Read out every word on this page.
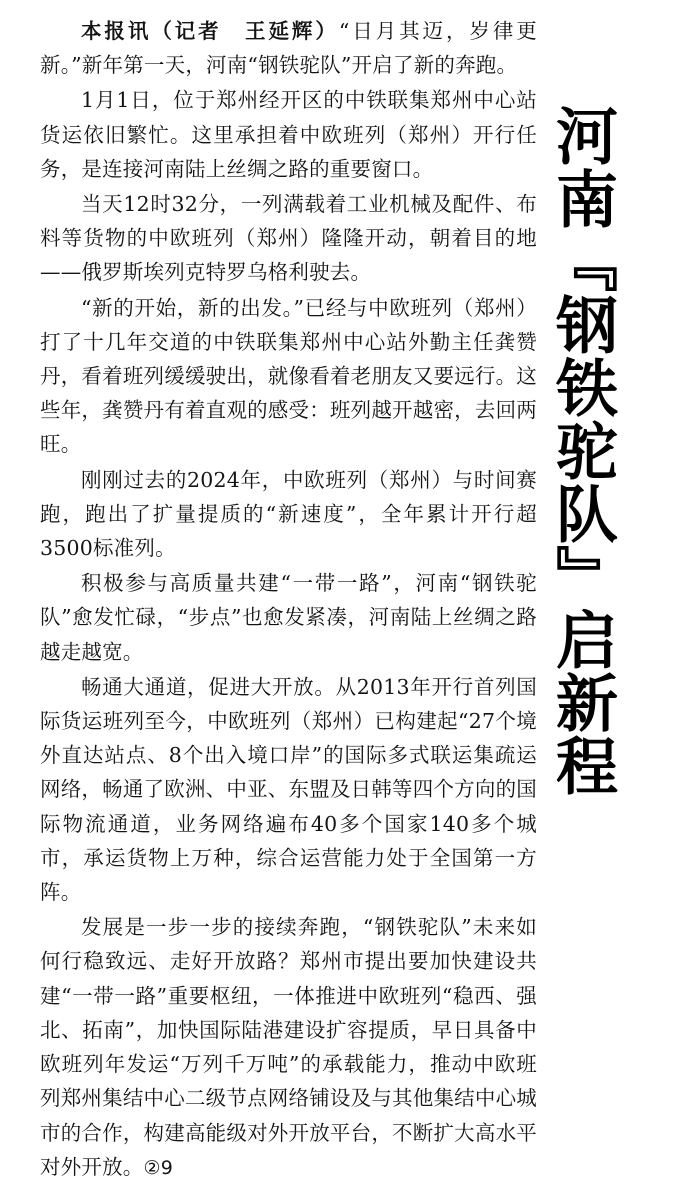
本报讯（记者　王延辉）“日月其迈，岁律更新。”新年第一天，河南“钢铁驼队”开启了新的奔跑。

1月1日，位于郑州经开区的中铁联集郑州中心站货运依旧繁忙。这里承担着中欧班列（郑州）开行任务，是连接河南陆上丝绸之路的重要窗口。

当天12时32分，一列满载着工业机械及配件、布料等货物的中欧班列（郑州）隆隆开动，朝着目的地——俄罗斯埃列克特罗乌格利驶去。

“新的开始，新的出发。”已经与中欧班列（郑州）打了十几年交道的中铁联集郑州中心站外勤主任龚赞丹，看着班列缓缓驶出，就像看着老朋友又要远行。这些年，龚赞丹有着直观的感受：班列越开越密，去回两旺。

刚刚过去的2024年，中欧班列（郑州）与时间赛跑，跑出了扩量提质的“新速度”，全年累计开行超3500标准列。

积极参与高质量共建“一带一路”，河南“钢铁驼队”愈发忙碌，“步点”也愈发紧凑，河南陆上丝绸之路越走越宽。

畅通大通道，促进大开放。从2013年开行首列国际货运班列至今，中欧班列（郑州）已构建起“27个境外直达站点、8个出入境口岸”的国际多式联运集疏运网络，畅通了欧洲、中亚、东盟及日韩等四个方向的国际物流通道，业务网络遍布40多个国家140多个城市，承运货物上万种，综合运营能力处于全国第一方阵。

发展是一步一步的接续奔跑，“钢铁驼队”未来如何行稳致远、走好开放路？郑州市提出要加快建设共建“一带一路”重要枢纽，一体推进中欧班列“稳西、强北、拓南”，加快国际陆港建设扩容提质，早日具备中欧班列年发运“万列千万吨”的承载能力，推动中欧班列郑州集结中心二级节点网络铺设及与其他集结中心城市的合作，构建高能级对外开放平台，不断扩大高水平对外开放。②9

河南『钢铁驼队』启新程
